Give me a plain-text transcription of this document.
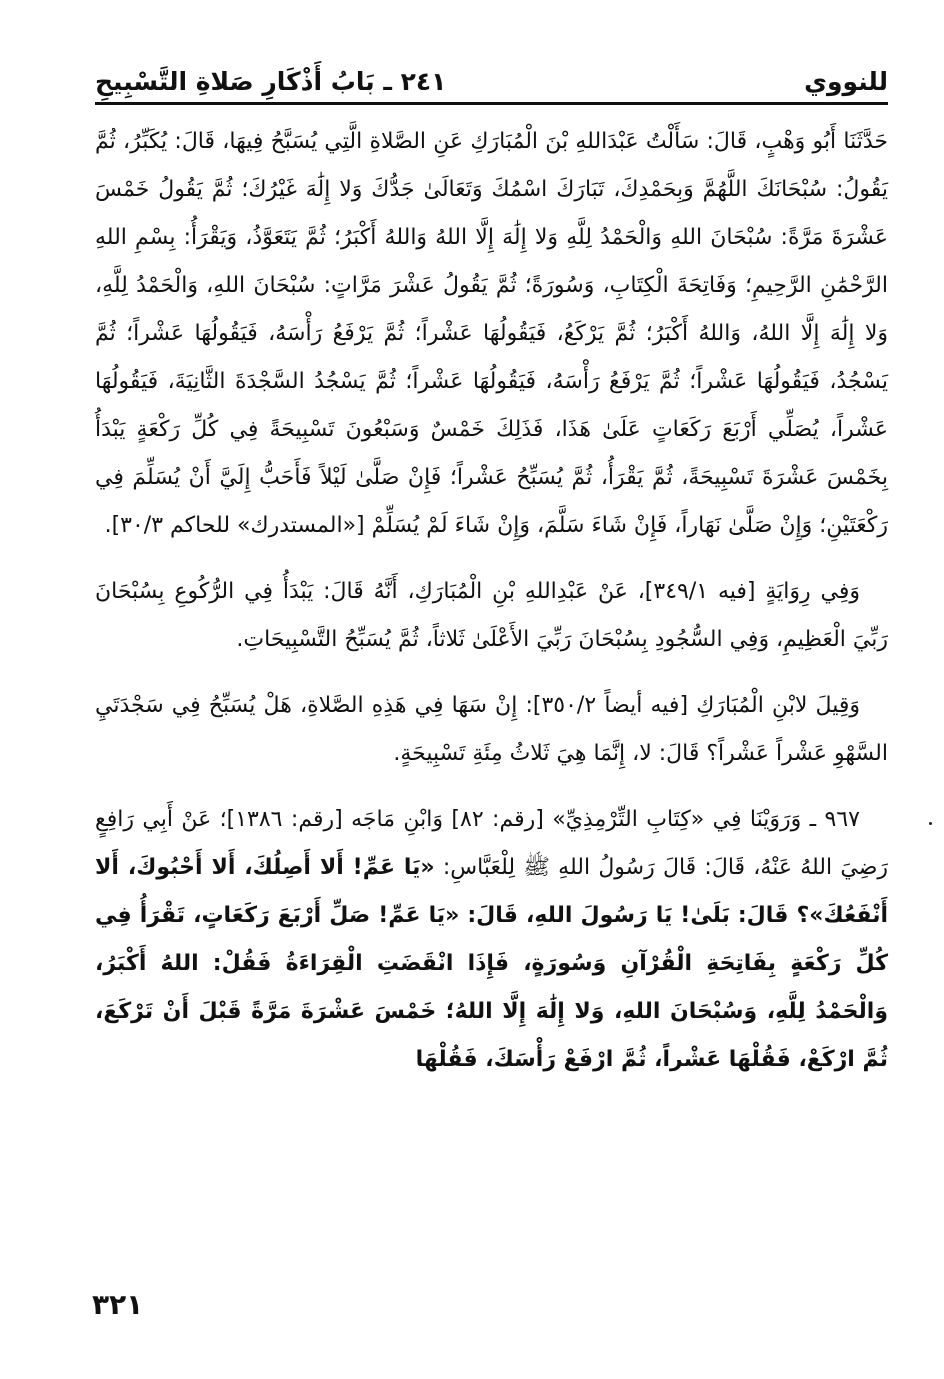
للنووي
٢٤١ ـ بَابُ أَذْكَارِ صَلاةِ التَّسْبِيحِ

حَدَّثَنَا أَبُو وَهْبٍ، قَالَ: سَأَلْتُ عَبْدَاللهِ بْنَ الْمُبَارَكِ عَنِ الصَّلاةِ الَّتِي يُسَبَّحُ فِيهَا، قَالَ: يُكَبِّرُ، ثُمَّ يَقُولُ: سُبْحَانَكَ اللَّهُمَّ وَبِحَمْدِكَ، تَبَارَكَ اسْمُكَ وَتَعَالَىٰ جَدُّكَ وَلا إِلَٰهَ غَيْرُكَ؛ ثُمَّ يَقُولُ خَمْسَ عَشْرَةَ مَرَّةً: سُبْحَانَ اللهِ وَالْحَمْدُ لِلَّهِ وَلا إِلَٰهَ إِلَّا اللهُ وَاللهُ أَكْبَرُ؛ ثُمَّ يَتَعَوَّذُ، وَيَقْرَأُ: بِسْمِ اللهِ الرَّحْمَٰنِ الرَّحِيمِ؛ وَفَاتِحَةَ الْكِتَابِ، وَسُورَةً؛ ثُمَّ يَقُولُ عَشْرَ مَرَّاتٍ: سُبْحَانَ اللهِ، وَالْحَمْدُ لِلَّهِ، وَلا إِلَٰهَ إِلَّا اللهُ، وَاللهُ أَكْبَرُ؛ ثُمَّ يَرْكَعُ، فَيَقُولُهَا عَشْراً؛ ثُمَّ يَرْفَعُ رَأْسَهُ، فَيَقُولُهَا عَشْراً؛ ثُمَّ يَسْجُدُ، فَيَقُولُهَا عَشْراً؛ ثُمَّ يَرْفَعُ رَأْسَهُ، فَيَقُولُهَا عَشْراً؛ ثُمَّ يَسْجُدُ السَّجْدَةَ الثَّانِيَةَ، فَيَقُولُهَا عَشْراً، يُصَلِّي أَرْبَعَ رَكَعَاتٍ عَلَىٰ هَذَا، فَذَلِكَ خَمْسٌ وَسَبْعُونَ تَسْبِيحَةً فِي كُلِّ رَكْعَةٍ يَبْدَأُ بِخَمْسَ عَشْرَةَ تَسْبِيحَةً، ثُمَّ يَقْرَأُ، ثُمَّ يُسَبِّحُ عَشْراً؛ فَإِنْ صَلَّىٰ لَيْلاً فَأَحَبُّ إِلَيَّ أَنْ يُسَلِّمَ فِي رَكْعَتَيْنِ؛ وَإِنْ صَلَّىٰ نَهَاراً، فَإِنْ شَاءَ سَلَّمَ، وَإِنْ شَاءَ لَمْ يُسَلِّمْ [«المستدرك» للحاكم ٣٠/٣].

وَفِي رِوَايَةٍ [فيه ٣٤٩/١]، عَنْ عَبْدِاللهِ بْنِ الْمُبَارَكِ، أَنَّهُ قَالَ: يَبْدَأُ فِي الرُّكُوعِ بِسُبْحَانَ رَبِّيَ الْعَظِيمِ، وَفِي السُّجُودِ بِسُبْحَانَ رَبِّيَ الأَعْلَىٰ ثَلاثاً، ثُمَّ يُسَبِّحُ التَّسْبِيحَاتِ.

وَقِيلَ لابْنِ الْمُبَارَكِ [فيه أيضاً ٣٥٠/٢]: إِنْ سَهَا فِي هَذِهِ الصَّلاةِ، هَلْ يُسَبِّحُ فِي سَجْدَتَيِ السَّهْوِ عَشْراً عَشْراً؟ قَالَ: لا، إِنَّمَا هِيَ ثَلاثُ مِئَةِ تَسْبِيحَةٍ.

٩٦٧ ـ وَرَوَيْنَا فِي «كِتَابِ التِّرْمِذِيِّ» [رقم: ٨٢] وَابْنِ مَاجَه [رقم: ١٣٨٦]؛ عَنْ أَبِي رَافِعٍ رَضِيَ اللهُ عَنْهُ، قَالَ: قَالَ رَسُولُ اللهِ ﷺ لِلْعَبَّاسِ: «يَا عَمِّ! أَلا أَصِلُكَ، أَلا أَحْبُوكَ، أَلا أَنْفَعُكَ»؟ قَالَ: بَلَىٰ! يَا رَسُولَ اللهِ، قَالَ: «يَا عَمِّ! صَلِّ أَرْبَعَ رَكَعَاتٍ، تَقْرَأُ فِي كُلِّ رَكْعَةٍ بِفَاتِحَةِ الْقُرْآنِ وَسُورَةٍ، فَإِذَا انْقَضَتِ الْقِرَاءَةُ فَقُلْ: اللهُ أَكْبَرُ، وَالْحَمْدُ لِلَّهِ، وَسُبْحَانَ اللهِ، وَلا إِلَٰهَ إِلَّا اللهُ؛ خَمْسَ عَشْرَةَ مَرَّةً قَبْلَ أَنْ تَرْكَعَ، ثُمَّ ارْكَعْ، فَقُلْهَا عَشْراً، ثُمَّ ارْفَعْ رَأْسَكَ، فَقُلْهَا

٣٢١
